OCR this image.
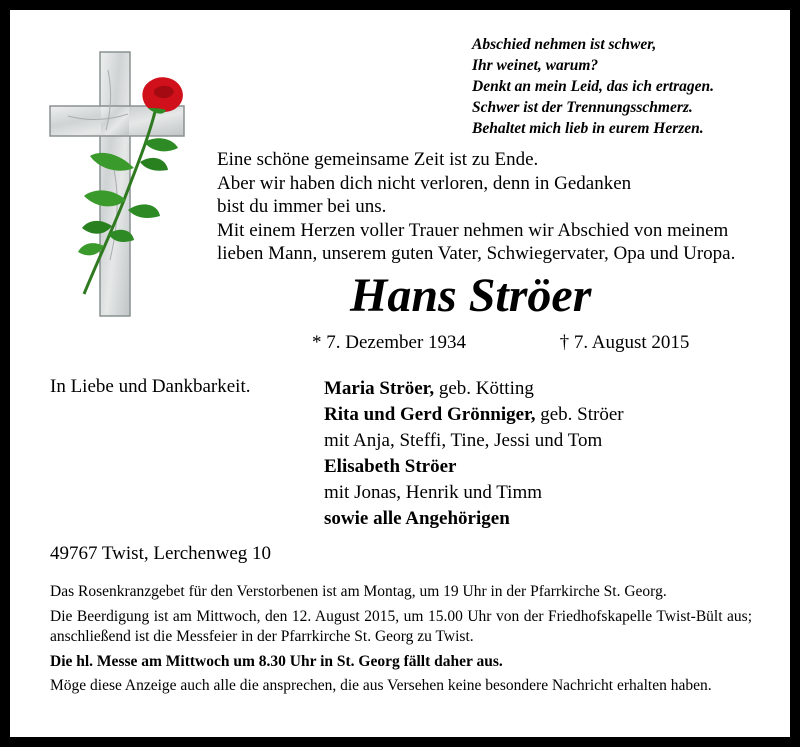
Abschied nehmen ist schwer,
Ihr weinet, warum?
Denkt an mein Leid, das ich ertragen.
Schwer ist der Trennungsschmerz.
Behaltet mich lieb in eurem Herzen.
Eine schöne gemeinsame Zeit ist zu Ende.
Aber wir haben dich nicht verloren, denn in Gedanken
bist du immer bei uns.
Mit einem Herzen voller Trauer nehmen wir Abschied von meinem
lieben Mann, unserem guten Vater, Schwiegervater, Opa und Uropa.
Hans Ströer
* 7. Dezember 1934	† 7. August 2015
In Liebe und Dankbarkeit.	Maria Ströer, geb. Kötting
Rita und Gerd Grönniger, geb. Ströer
mit Anja, Steffi, Tine, Jessi und Tom
Elisabeth Ströer
mit Jonas, Henrik und Timm
sowie alle Angehörigen
49767 Twist, Lerchenweg 10

Das Rosenkranzgebet für den Verstorbenen ist am Montag, um 19 Uhr in der Pfarrkirche St. Georg.

Die Beerdigung ist am Mittwoch, den 12. August 2015, um 15.00 Uhr von der Friedhofskapelle Twist-Bült aus; anschließend ist die Messfeier in der Pfarrkirche St. Georg zu Twist.

Die hl. Messe am Mittwoch um 8.30 Uhr in St. Georg fällt daher aus.

Möge diese Anzeige auch alle die ansprechen, die aus Versehen keine besondere Nachricht erhalten haben.
